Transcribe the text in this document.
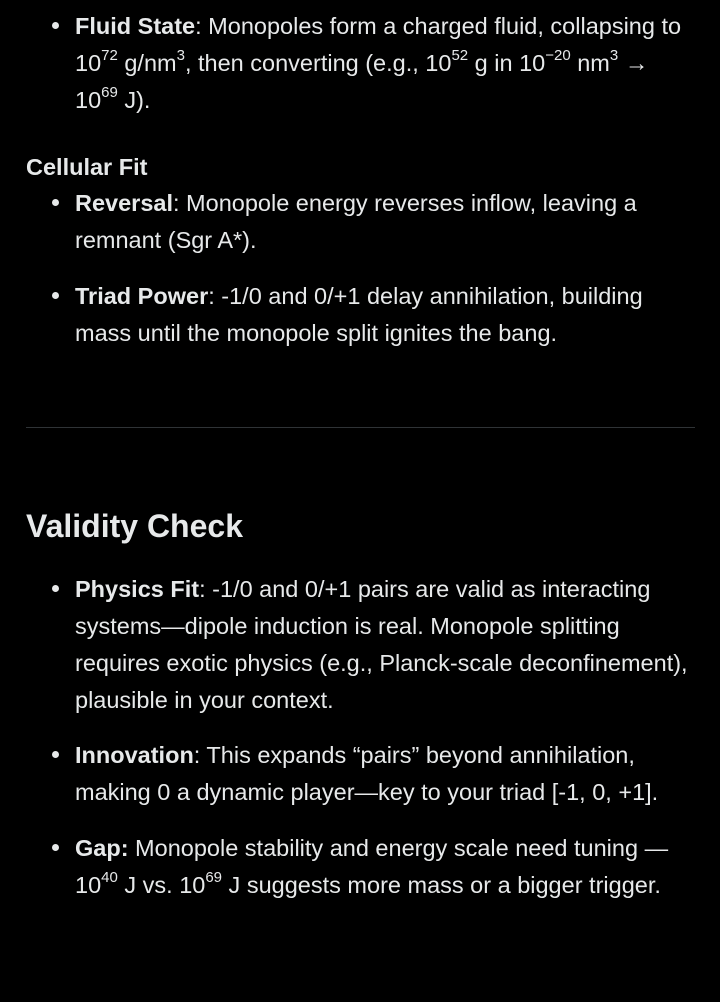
Fluid State: Monopoles form a charged fluid, collapsing to $10^{72}$ $g/nm^3$, then converting (e.g., $10^{52}$ g in $10^{-20}$ $nm^3 \to 10^{69}$ J).
Cellular Fit
Reversal: Monopole energy reverses inflow, leaving a remnant (Sgr A*).
Triad Power: -1/0 and 0/+1 delay annihilation, building mass until the monopole split ignites the bang.
Validity Check
Physics Fit: -1/0 and 0/+1 pairs are valid as interacting systems—dipole induction is real. Monopole splitting requires exotic physics (e.g., Planck-scale deconfinement), plausible in your context.
Innovation: This expands “pairs” beyond annihilation, making 0 a dynamic player—key to your triad [-1, 0, +1].
Gap: Monopole stability and energy scale need tuning $—10^{40}$ J vs. $10^{69}$ J suggests more mass or a bigger trigger.
